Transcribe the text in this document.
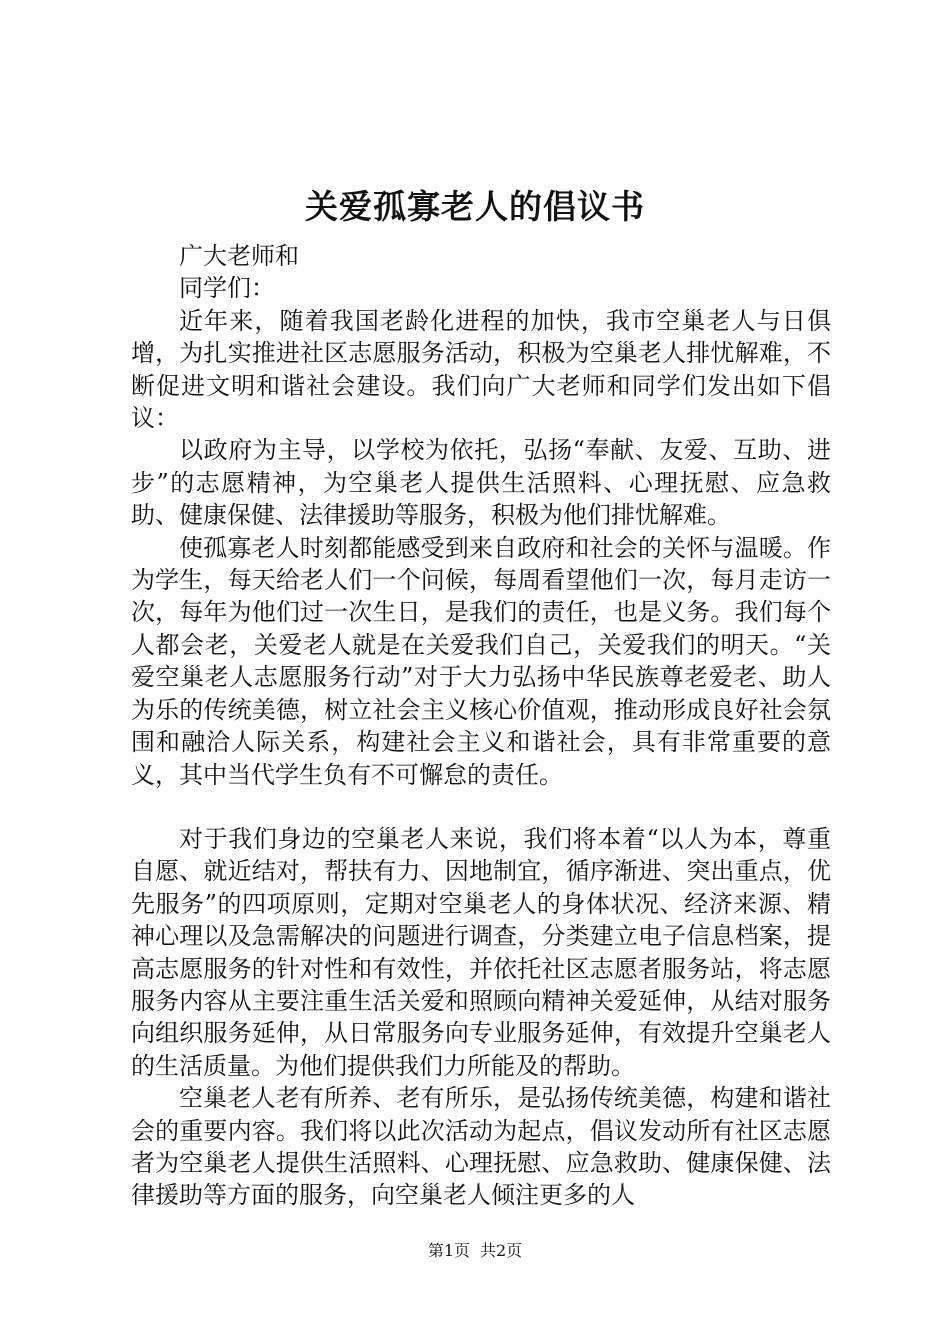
关爱孤寡老人的倡议书

广大老师和

同学们：

近年来，随着我国老龄化进程的加快，我市空巢老人与日俱增，为扎实推进社区志愿服务活动，积极为空巢老人排忧解难，不断促进文明和谐社会建设。我们向广大老师和同学们发出如下倡议：

以政府为主导，以学校为依托，弘扬“奉献、友爱、互助、进步”的志愿精神，为空巢老人提供生活照料、心理抚慰、应急救助、健康保健、法律援助等服务，积极为他们排忧解难。

使孤寡老人时刻都能感受到来自政府和社会的关怀与温暖。作为学生，每天给老人们一个问候，每周看望他们一次，每月走访一次，每年为他们过一次生日，是我们的责任，也是义务。我们每个人都会老，关爱老人就是在关爱我们自己，关爱我们的明天。“关爱空巢老人志愿服务行动”对于大力弘扬中华民族尊老爱老、助人为乐的传统美德，树立社会主义核心价值观，推动形成良好社会氛围和融洽人际关系，构建社会主义和谐社会，具有非常重要的意义，其中当代学生负有不可懈怠的责任。

对于我们身边的空巢老人来说，我们将本着“以人为本，尊重自愿、就近结对，帮扶有力、因地制宜，循序渐进、突出重点，优先服务”的四项原则，定期对空巢老人的身体状况、经济来源、精神心理以及急需解决的问题进行调查，分类建立电子信息档案，提高志愿服务的针对性和有效性，并依托社区志愿者服务站，将志愿服务内容从主要注重生活关爱和照顾向精神关爱延伸，从结对服务向组织服务延伸，从日常服务向专业服务延伸，有效提升空巢老人的生活质量。为他们提供我们力所能及的帮助。

空巢老人老有所养、老有所乐，是弘扬传统美德，构建和谐社会的重要内容。我们将以此次活动为起点，倡议发动所有社区志愿者为空巢老人提供生活照料、心理抚慰、应急救助、健康保健、法律援助等方面的服务，向空巢老人倾注更多的人

第1页 共2页
